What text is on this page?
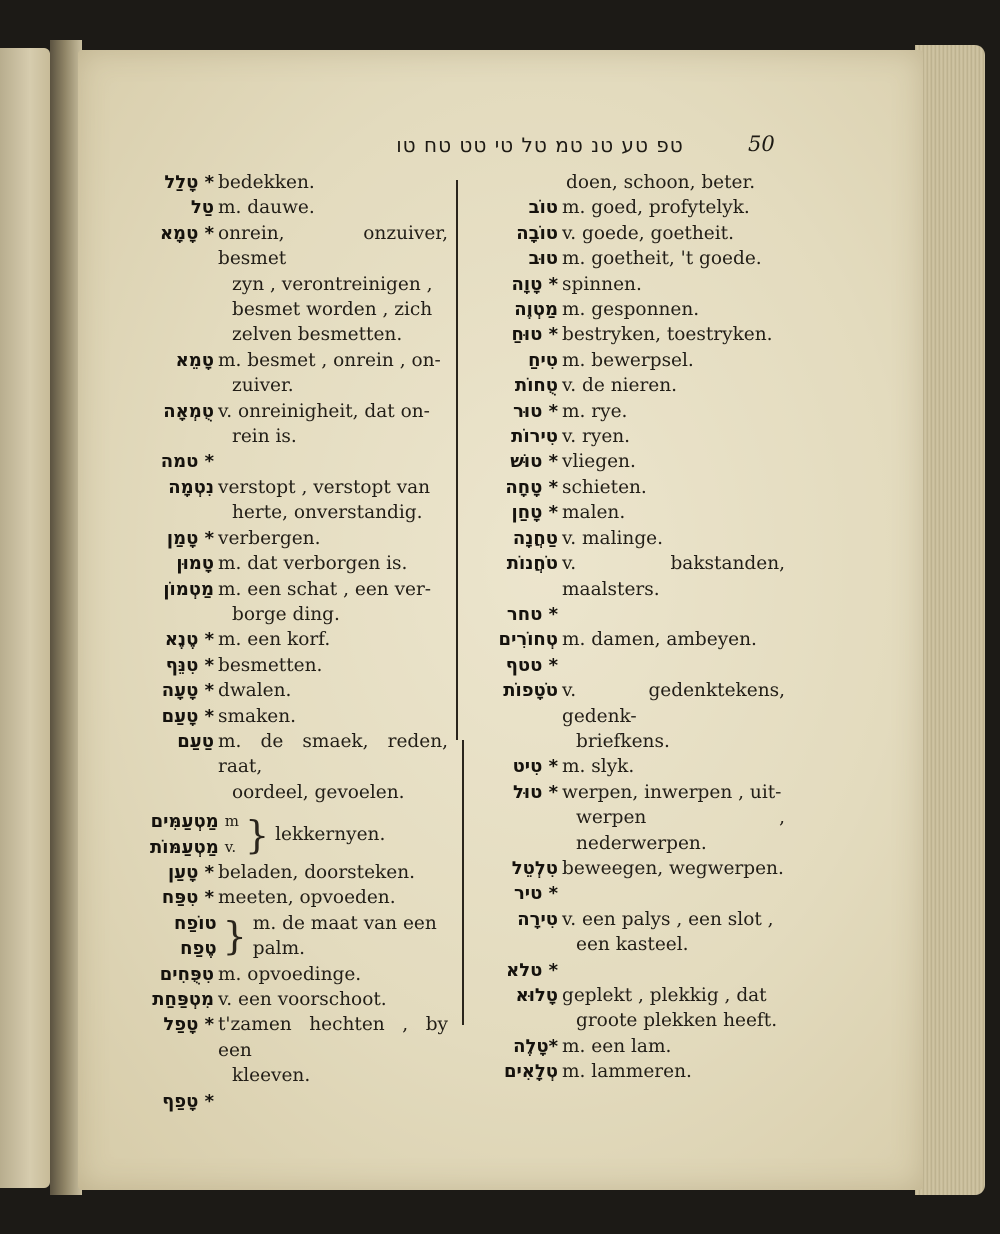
טפ טע טנ טמ טל טי טט טח טו	50
* טָלַל bedekken.
טַל m. dauwe.
* טָמָא onrein, onzuiver, besmet
zyn , verontreinigen ,
besmet worden , zich
zelven besmetten.
טָמֵא m. besmet , onrein , on-
zuiver.
טֻמְאָה v. onreinigheit, dat on-
rein is.
* טמה
נִטְמָה verstopt , verstopt van
herte, onverstandig.
* טָמַן verbergen.
טָמוּן m. dat verborgen is.
מַטְמוֹן m. een schat , een ver-
borge ding.
* טֶנֶא m. een korf.
* טִנֵּף besmetten.
* טָעָה dwalen.
* טָעַם smaken.
טַעַם m. de smaek, reden, raat,
oordeel, gevoelen.
מַטְעַמִּים
מַטְעַמּוֹת
m
v. } lekkernyen.
* טָעַן beladen, doorsteken.
* טִפַּח meeten, opvoeden.
טוֹפַח
טֶפַח } m. de maat van een
palm.
טִפֻּחִים m. opvoedinge.
מִטְפַּחַת v. een voorschoot.
* טָפַל t'zamen hechten , by een
kleeven.
* טָפַף
doen, schoon, beter.
טוֹב m. goed, profytelyk.
טוֹבָה v. goede, goetheit.
טוּב m. goetheit, 't goede.
* טָוָה spinnen.
מַטְוֶה m. gesponnen.
* טוּחַ bestryken, toestryken.
טִיחַ m. bewerpsel.
טֻחוֹת v. de nieren.
* טוּר m. rye.
טִירוֹת v. ryen.
* טוּשׁ vliegen.
* טָחָה schieten.
* טָחַן malen.
טַחֲנָה v. malinge.
טֹחֲנוֹת v. bakstanden, maalsters.
* טחר
טְחוֹרִים m. damen, ambeyen.
* טטף
טֹטָפוֹת v. gedenktekens, gedenk-
briefkens.
* טִיט m. slyk.
* טוּל werpen, inwerpen , uit-
werpen , nederwerpen.
טִלְטֵל beweegen, wegwerpen.
* טיר
טִירָה v. een palys , een slot ,
een kasteel.
* טלא
טָלוּא geplekt , plekkig , dat
groote plekken heeft.
*טָלֶה m. een lam.
טְלָאִים m. lammeren.
